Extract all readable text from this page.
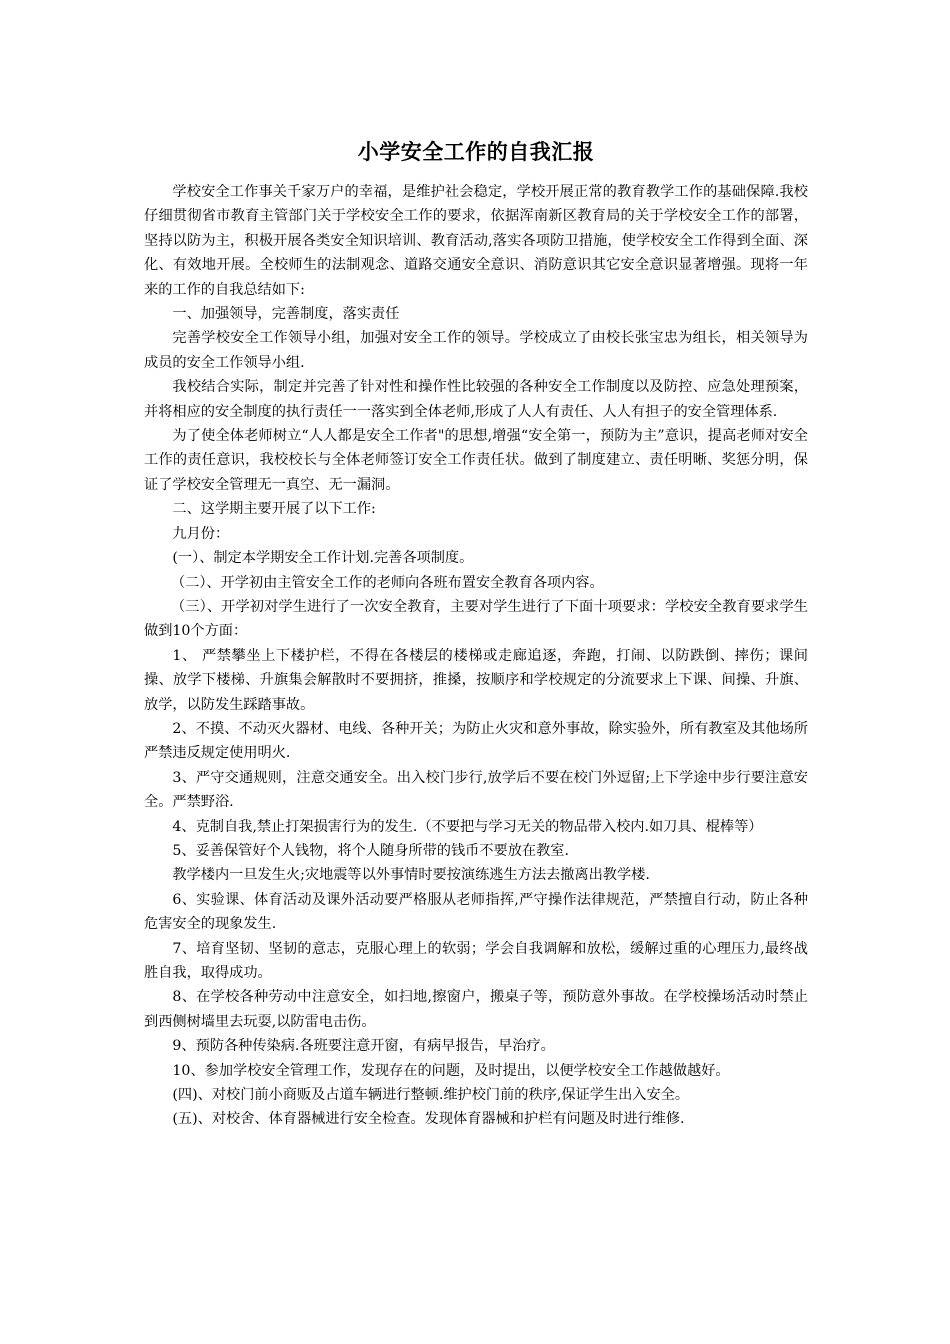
小学安全工作的自我汇报

学校安全工作事关千家万户的幸福，是维护社会稳定，学校开展正常的教育教学工作的基础保障.我校仔细贯彻省市教育主管部门关于学校安全工作的要求，依据浑南新区教育局的关于学校安全工作的部署，坚持以防为主，积极开展各类安全知识培训、教育活动,落实各项防卫措施，使学校安全工作得到全面、深化、有效地开展。全校师生的法制观念、道路交通安全意识、消防意识其它安全意识显著增强。现将一年来的工作的自我总结如下:

一、加强领导，完善制度，落实责任

完善学校安全工作领导小组，加强对安全工作的领导。学校成立了由校长张宝忠为组长，相关领导为成员的安全工作领导小组.

我校结合实际，制定并完善了针对性和操作性比较强的各种安全工作制度以及防控、应急处理预案，并将相应的安全制度的执行责任一一落实到全体老师,形成了人人有责任、人人有担子的安全管理体系.

为了使全体老师树立“人人都是安全工作者"的思想,增强“安全第一，预防为主”意识，提高老师对安全工作的责任意识，我校校长与全体老师签订安全工作责任状。做到了制度建立、责任明晰、奖惩分明，保证了学校安全管理无一真空、无一漏洞。

二、这学期主要开展了以下工作:

九月份：

(一）、制定本学期安全工作计划.完善各项制度。

（二）、开学初由主管安全工作的老师向各班布置安全教育各项内容。

（三）、开学初对学生进行了一次安全教育，主要对学生进行了下面十项要求：学校安全教育要求学生做到10个方面：

1、 严禁攀坐上下楼护栏，不得在各楼层的楼梯或走廊追逐，奔跑，打闹、以防跌倒、摔伤；课间操、放学下楼梯、升旗集会解散时不要拥挤，推搡，按顺序和学校规定的分流要求上下课、间操、升旗、放学，以防发生踩踏事故。

2、不摸、不动灭火器材、电线、各种开关；为防止火灾和意外事故，除实验外，所有教室及其他场所严禁违反规定使用明火.

3、严守交通规则，注意交通安全。出入校门步行,放学后不要在校门外逗留;上下学途中步行要注意安全。严禁野浴.

4、克制自我,禁止打架损害行为的发生.（不要把与学习无关的物品带入校内.如刀具、棍棒等）

5、妥善保管好个人钱物，将个人随身所带的钱币不要放在教室.

教学楼内一旦发生火;灾地震等以外事情时要按演练逃生方法去撤离出教学楼.

6、实验课、体育活动及课外活动要严格服从老师指挥,严守操作法律规范，严禁擅自行动，防止各种危害安全的现象发生.

7、培育坚韧、坚韧的意志，克服心理上的软弱；学会自我调解和放松，缓解过重的心理压力,最终战胜自我，取得成功。

8、在学校各种劳动中注意安全，如扫地,擦窗户，搬桌子等，预防意外事故。在学校操场活动时禁止到西侧树墙里去玩耍,以防雷电击伤。

9、预防各种传染病.各班要注意开窗，有病早报告，早治疗。

10、参加学校安全管理工作，发现存在的问题，及时提出，以便学校安全工作越做越好。

(四)、对校门前小商贩及占道车辆进行整顿.维护校门前的秩序,保证学生出入安全。

(五)、对校舍、体育器械进行安全检查。发现体育器械和护栏有问题及时进行维修.
